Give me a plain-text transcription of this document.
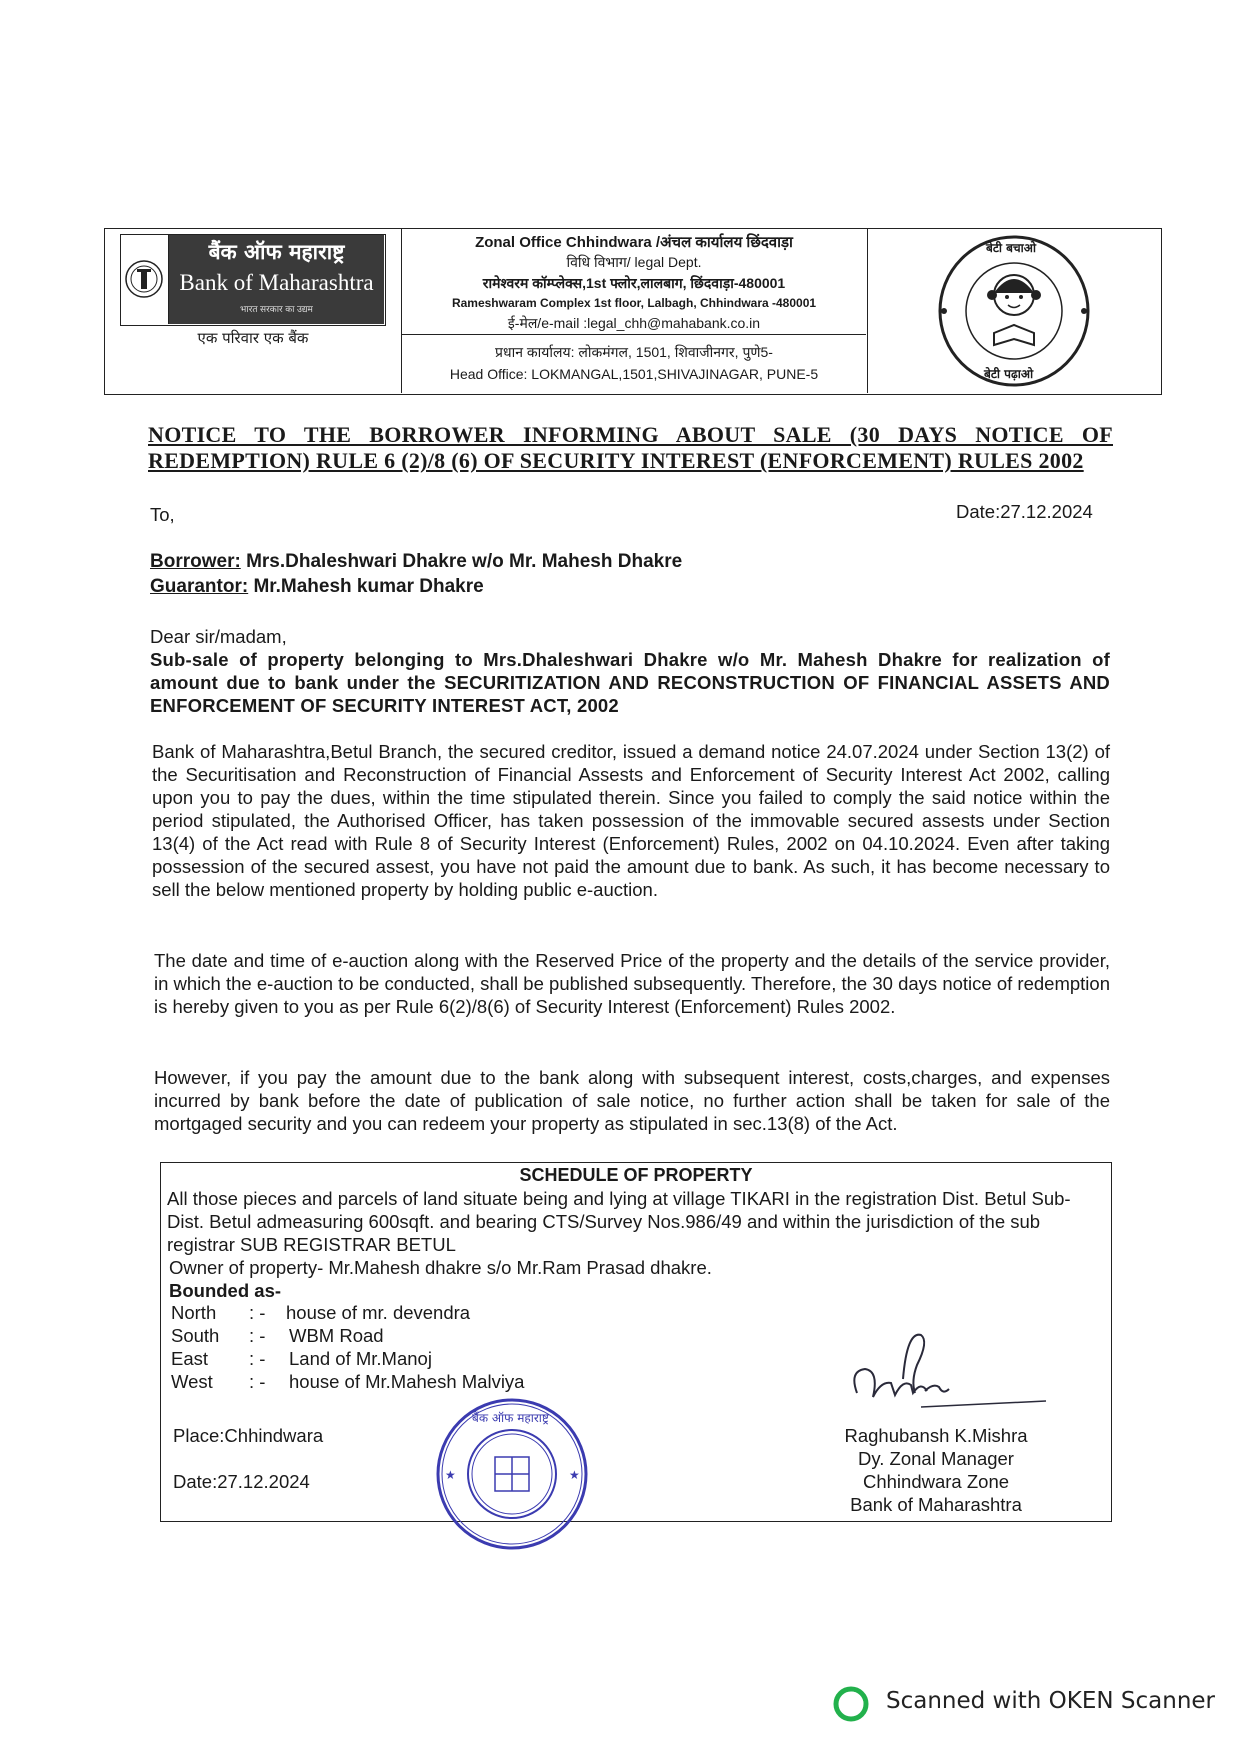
बैंक ऑफ महाराष्ट्र
Bank of Maharashtra
भारत सरकार का उद्यम
एक परिवार एक बैंक
Zonal Office Chhindwara /अंचल कार्यालय छिंदवाड़ा
विधि विभाग/ legal Dept.
रामेश्वरम कॉम्प्लेक्स,1st फ्लोर,लालबाग, छिंदवाड़ा-480001
Rameshwaram Complex 1st floor, Lalbagh, Chhindwara -480001
ई-मेल/e-mail :legal_chh@mahabank.co.in
प्रधान कार्यालय: लोकमंगल, 1501, शिवाजीनगर, पुणे5-
Head Office: LOKMANGAL,1501,SHIVAJINAGAR, PUNE-5
बेटी बचाओ
बेटी पढ़ाओ
NOTICE TO THE BORROWER INFORMING ABOUT SALE (30 DAYS NOTICE OF
REDEMPTION) RULE 6 (2)/8 (6) OF SECURITY INTEREST (ENFORCEMENT) RULES 2002
To,	Date:27.12.2024
Borrower: Mrs.Dhaleshwari Dhakre w/o Mr. Mahesh Dhakre
Guarantor: Mr.Mahesh kumar Dhakre
Dear sir/madam,
Sub-sale of property belonging to Mrs.Dhaleshwari Dhakre w/o Mr. Mahesh Dhakre for realization of amount due to bank under the SECURITIZATION AND RECONSTRUCTION OF FINANCIAL ASSETS AND ENFORCEMENT OF SECURITY INTEREST ACT, 2002
Bank of Maharashtra,Betul Branch, the secured creditor, issued a demand notice 24.07.2024 under Section 13(2) of the Securitisation and Reconstruction of Financial Assests and Enforcement of Security Interest Act 2002, calling upon you to pay the dues, within the time stipulated therein. Since you failed to comply the said notice within the period stipulated, the Authorised Officer, has taken possession of the immovable secured assests under Section 13(4) of the Act read with Rule 8 of Security Interest (Enforcement) Rules, 2002 on 04.10.2024. Even after taking possession of the secured assest, you have not paid the amount due to bank. As such, it has become necessary to sell the below mentioned property by holding public e-auction.
The date and time of e-auction along with the Reserved Price of the property and the details of the service provider, in which the e-auction to be conducted, shall be published subsequently. Therefore, the 30 days notice of redemption is hereby given to you as per Rule 6(2)/8(6) of Security Interest (Enforcement) Rules 2002.
However, if you pay the amount due to the bank along with subsequent interest, costs,charges, and expenses incurred by bank before the date of publication of sale notice, no further action shall be taken for sale of the mortgaged security and you can redeem your property as stipulated in sec.13(8) of the Act.
SCHEDULE OF PROPERTY
All those pieces and parcels of land situate being and lying at village TIKARI in the registration Dist. Betul Sub-Dist. Betul admeasuring 600sqft. and bearing CTS/Survey Nos.986/49 and within the jurisdiction of the sub registrar SUB REGISTRAR BETUL
Owner of property- Mr.Mahesh dhakre s/o Mr.Ram Prasad dhakre.
Bounded as-
North	: -	house of mr. devendra
South	: -	WBM Road
East	: -	Land of Mr.Manoj
West	: -	house of Mr.Mahesh Malviya
Place:Chhindwara
Date:27.12.2024	★	★
बैंक ऑफ महाराष्ट्र
Raghubansh K.Mishra
Dy. Zonal Manager
Chhindwara Zone
Bank of Maharashtra
Scanned with OKEN Scanner
